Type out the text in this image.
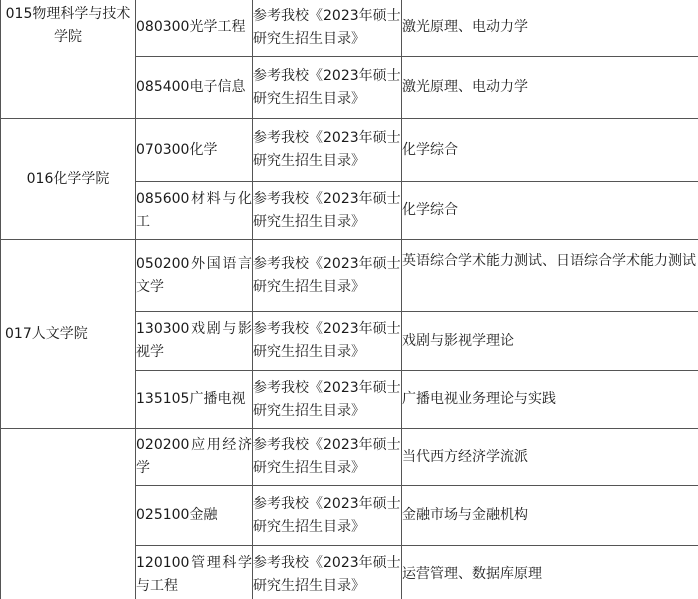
015物理科学与技术学院	080300光学工程	参考我校《2023年硕士研究生招生目录》	激光原理、电动力学
	085400电子信息	参考我校《2023年硕士研究生招生目录》	激光原理、电动力学
016化学学院	070300化学	参考我校《2023年硕士研究生招生目录》	化学综合
	085600材料与化工	参考我校《2023年硕士研究生招生目录》	化学综合
017人文学院	050200外国语言文学	参考我校《2023年硕士研究生招生目录》	英语综合学术能力测试、日语综合学术能力测试
	130300戏剧与影视学	参考我校《2023年硕士研究生招生目录》	戏剧与影视学理论
	135105广播电视	参考我校《2023年硕士研究生招生目录》	广播电视业务理论与实践
	020200应用经济学	参考我校《2023年硕士研究生招生目录》	当代西方经济学流派
	025100金融	参考我校《2023年硕士研究生招生目录》	金融市场与金融机构
	120100管理科学与工程	参考我校《2023年硕士研究生招生目录》	运营管理、数据库原理
